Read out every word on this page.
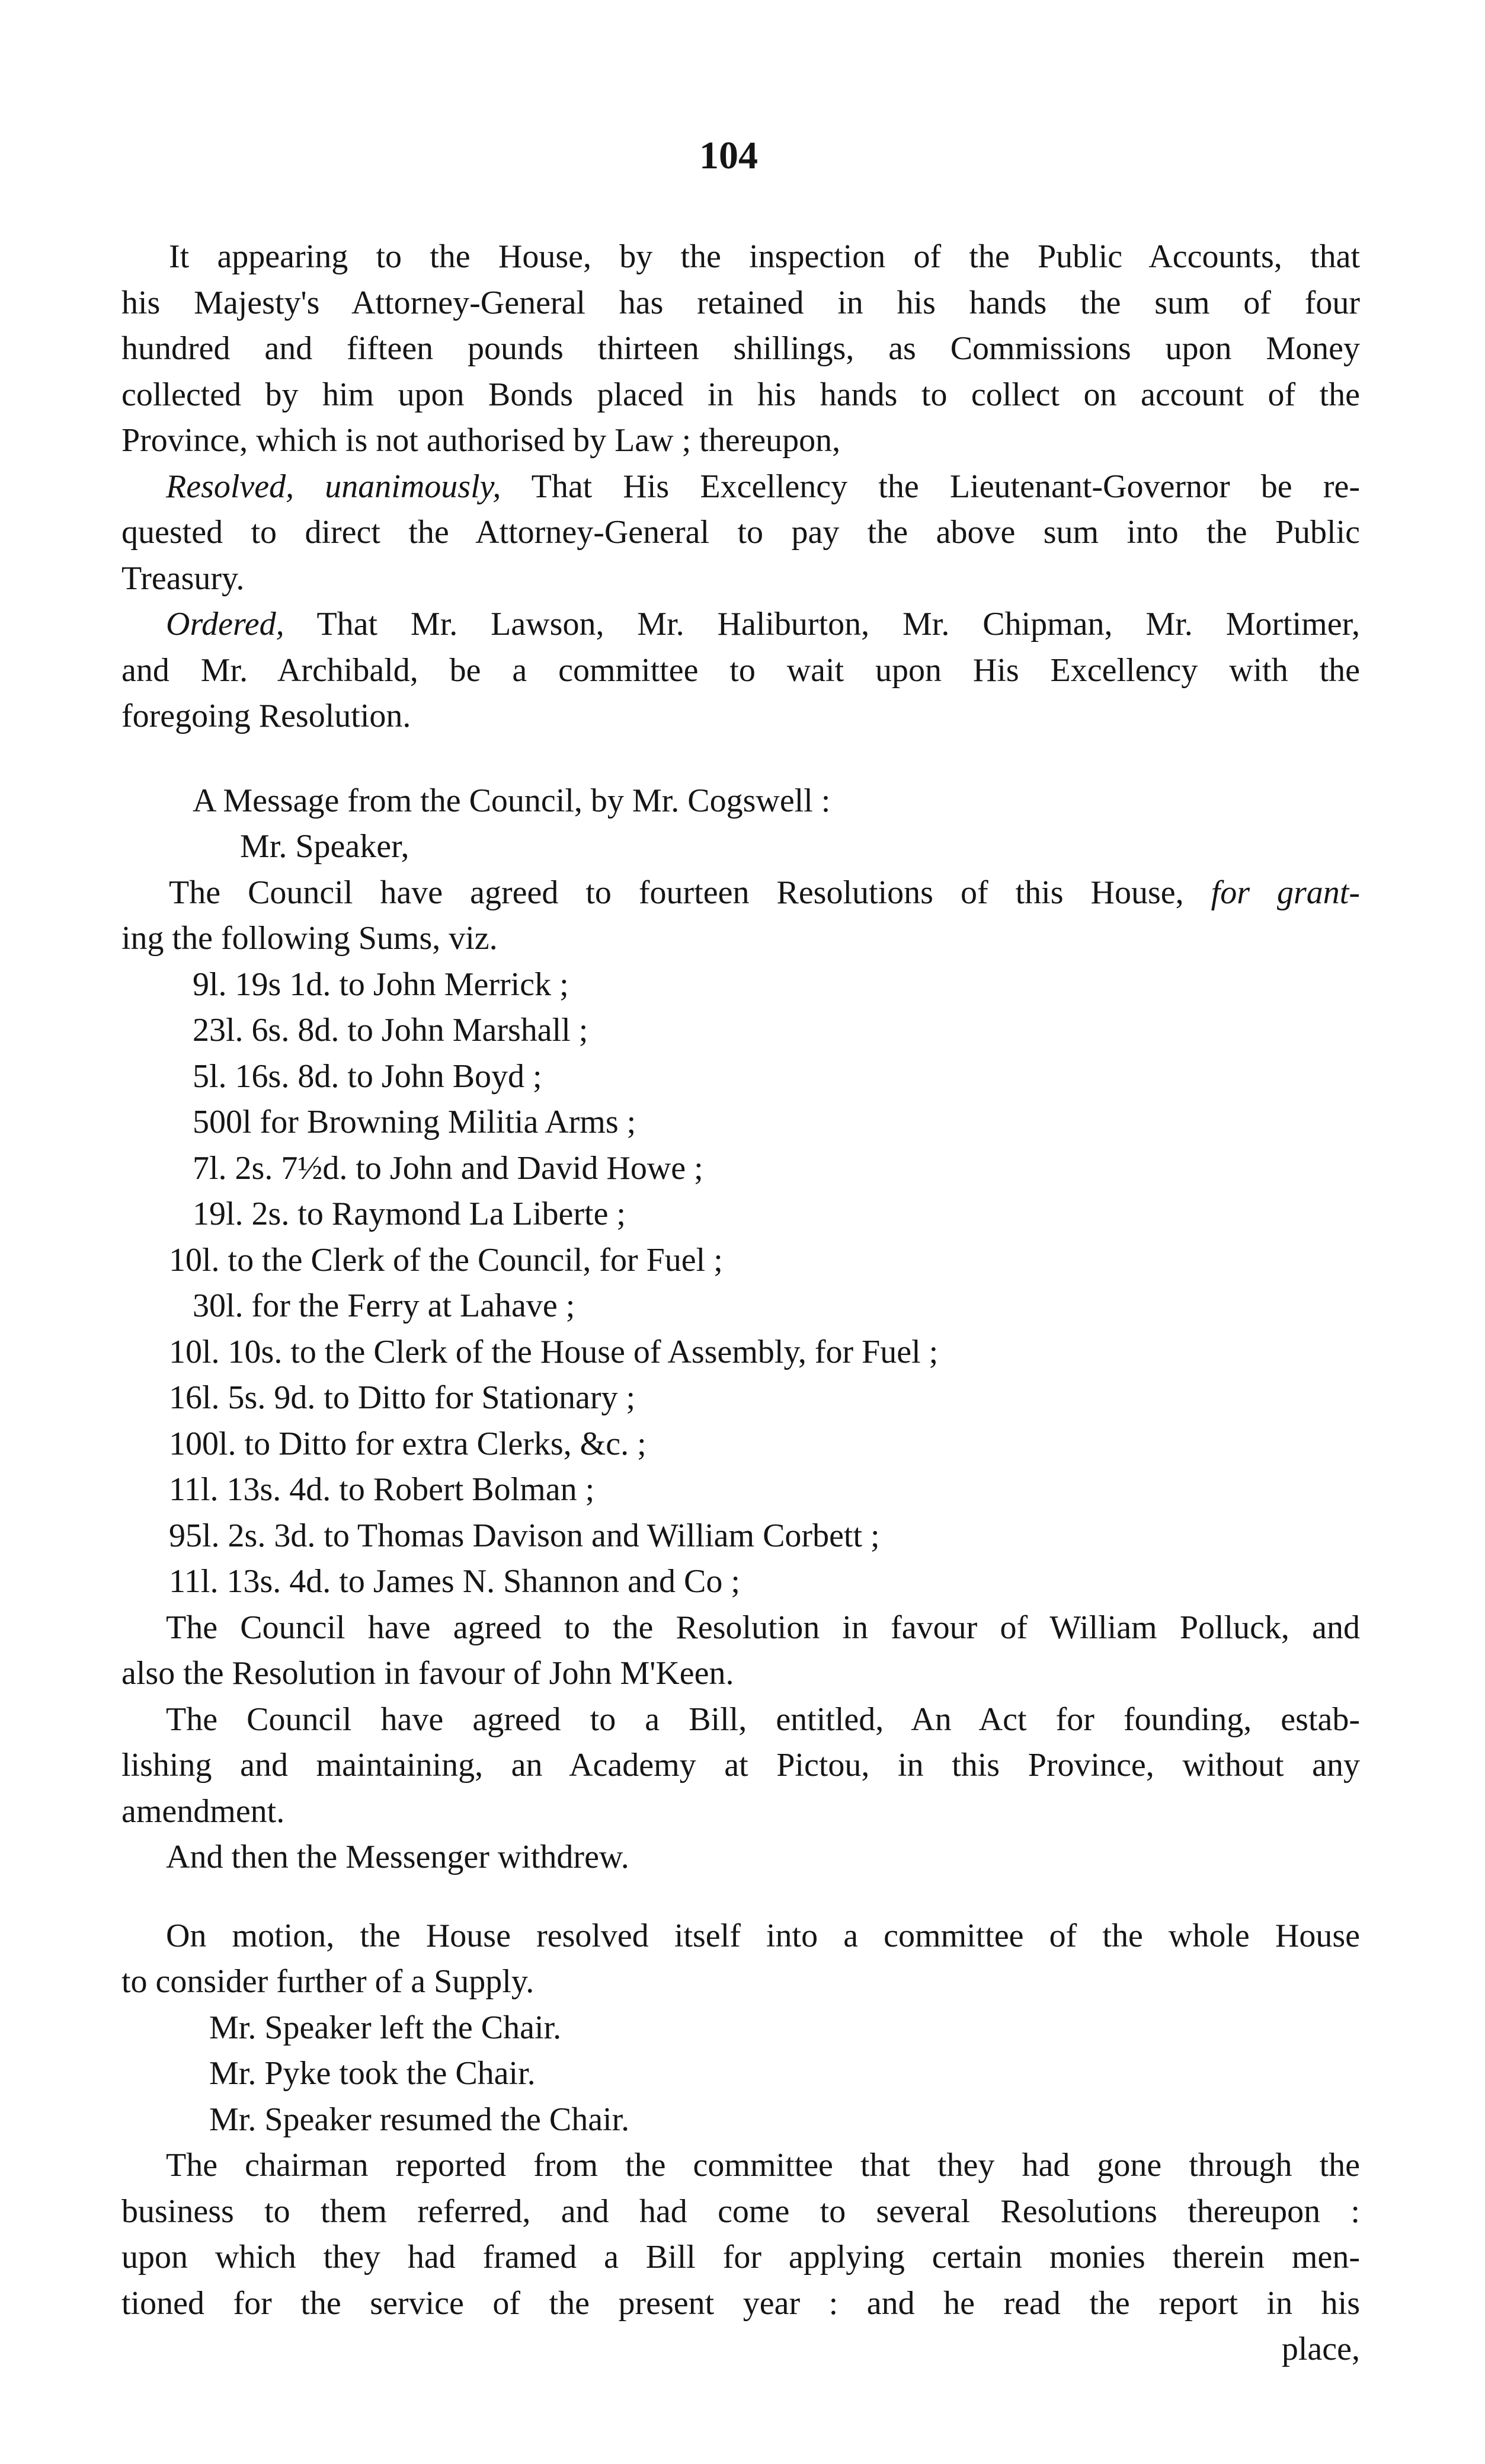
104

It appearing to the House, by the inspection of the Public Accounts, that
his Majesty's Attorney-General has retained in his hands the sum of four
hundred and fifteen pounds thirteen shillings, as Commissions upon Money
collected by him upon Bonds placed in his hands to collect on account of the
Province, which is not authorised by Law ; thereupon,

Resolved, unanimously, That His Excellency the Lieutenant-Governor be re-
quested to direct the Attorney-General to pay the above sum into the Public
Treasury.

Ordered, That Mr. Lawson, Mr. Haliburton, Mr. Chipman, Mr. Mortimer,
and Mr. Archibald, be a committee to wait upon His Excellency with the
foregoing Resolution.

A Message from the Council, by Mr. Cogswell :
Mr. Speaker,
The Council have agreed to fourteen Resolutions of this House, for grant-
ing the following Sums, viz.

9l. 19s 1d. to John Merrick ;
23l. 6s. 8d. to John Marshall ;
5l. 16s. 8d. to John Boyd ;
500l for Browning Militia Arms ;
7l. 2s. 7½d. to John and David Howe ;
19l. 2s. to Raymond La Liberte ;
10l. to the Clerk of the Council, for Fuel ;
30l. for the Ferry at Lahave ;
10l. 10s. to the Clerk of the House of Assembly, for Fuel ;
16l. 5s. 9d. to Ditto for Stationary ;
100l. to Ditto for extra Clerks, &c. ;
11l. 13s. 4d. to Robert Bolman ;
95l. 2s. 3d. to Thomas Davison and William Corbett ;
11l. 13s. 4d. to James N. Shannon and Co ;

The Council have agreed to the Resolution in favour of William Polluck, and
also the Resolution in favour of John M'Keen.

The Council have agreed to a Bill, entitled, An Act for founding, estab-
lishing and maintaining, an Academy at Pictou, in this Province, without any
amendment.
And then the Messenger withdrew.

On motion, the House resolved itself into a committee of the whole House
to consider further of a Supply.
Mr. Speaker left the Chair.
Mr. Pyke took the Chair.
Mr. Speaker resumed the Chair.

The chairman reported from the committee that they had gone through the
business to them referred, and had come to several Resolutions thereupon :
upon which they had framed a Bill for applying certain monies therein men-
tioned for the service of the present year : and he read the report in his
place,
